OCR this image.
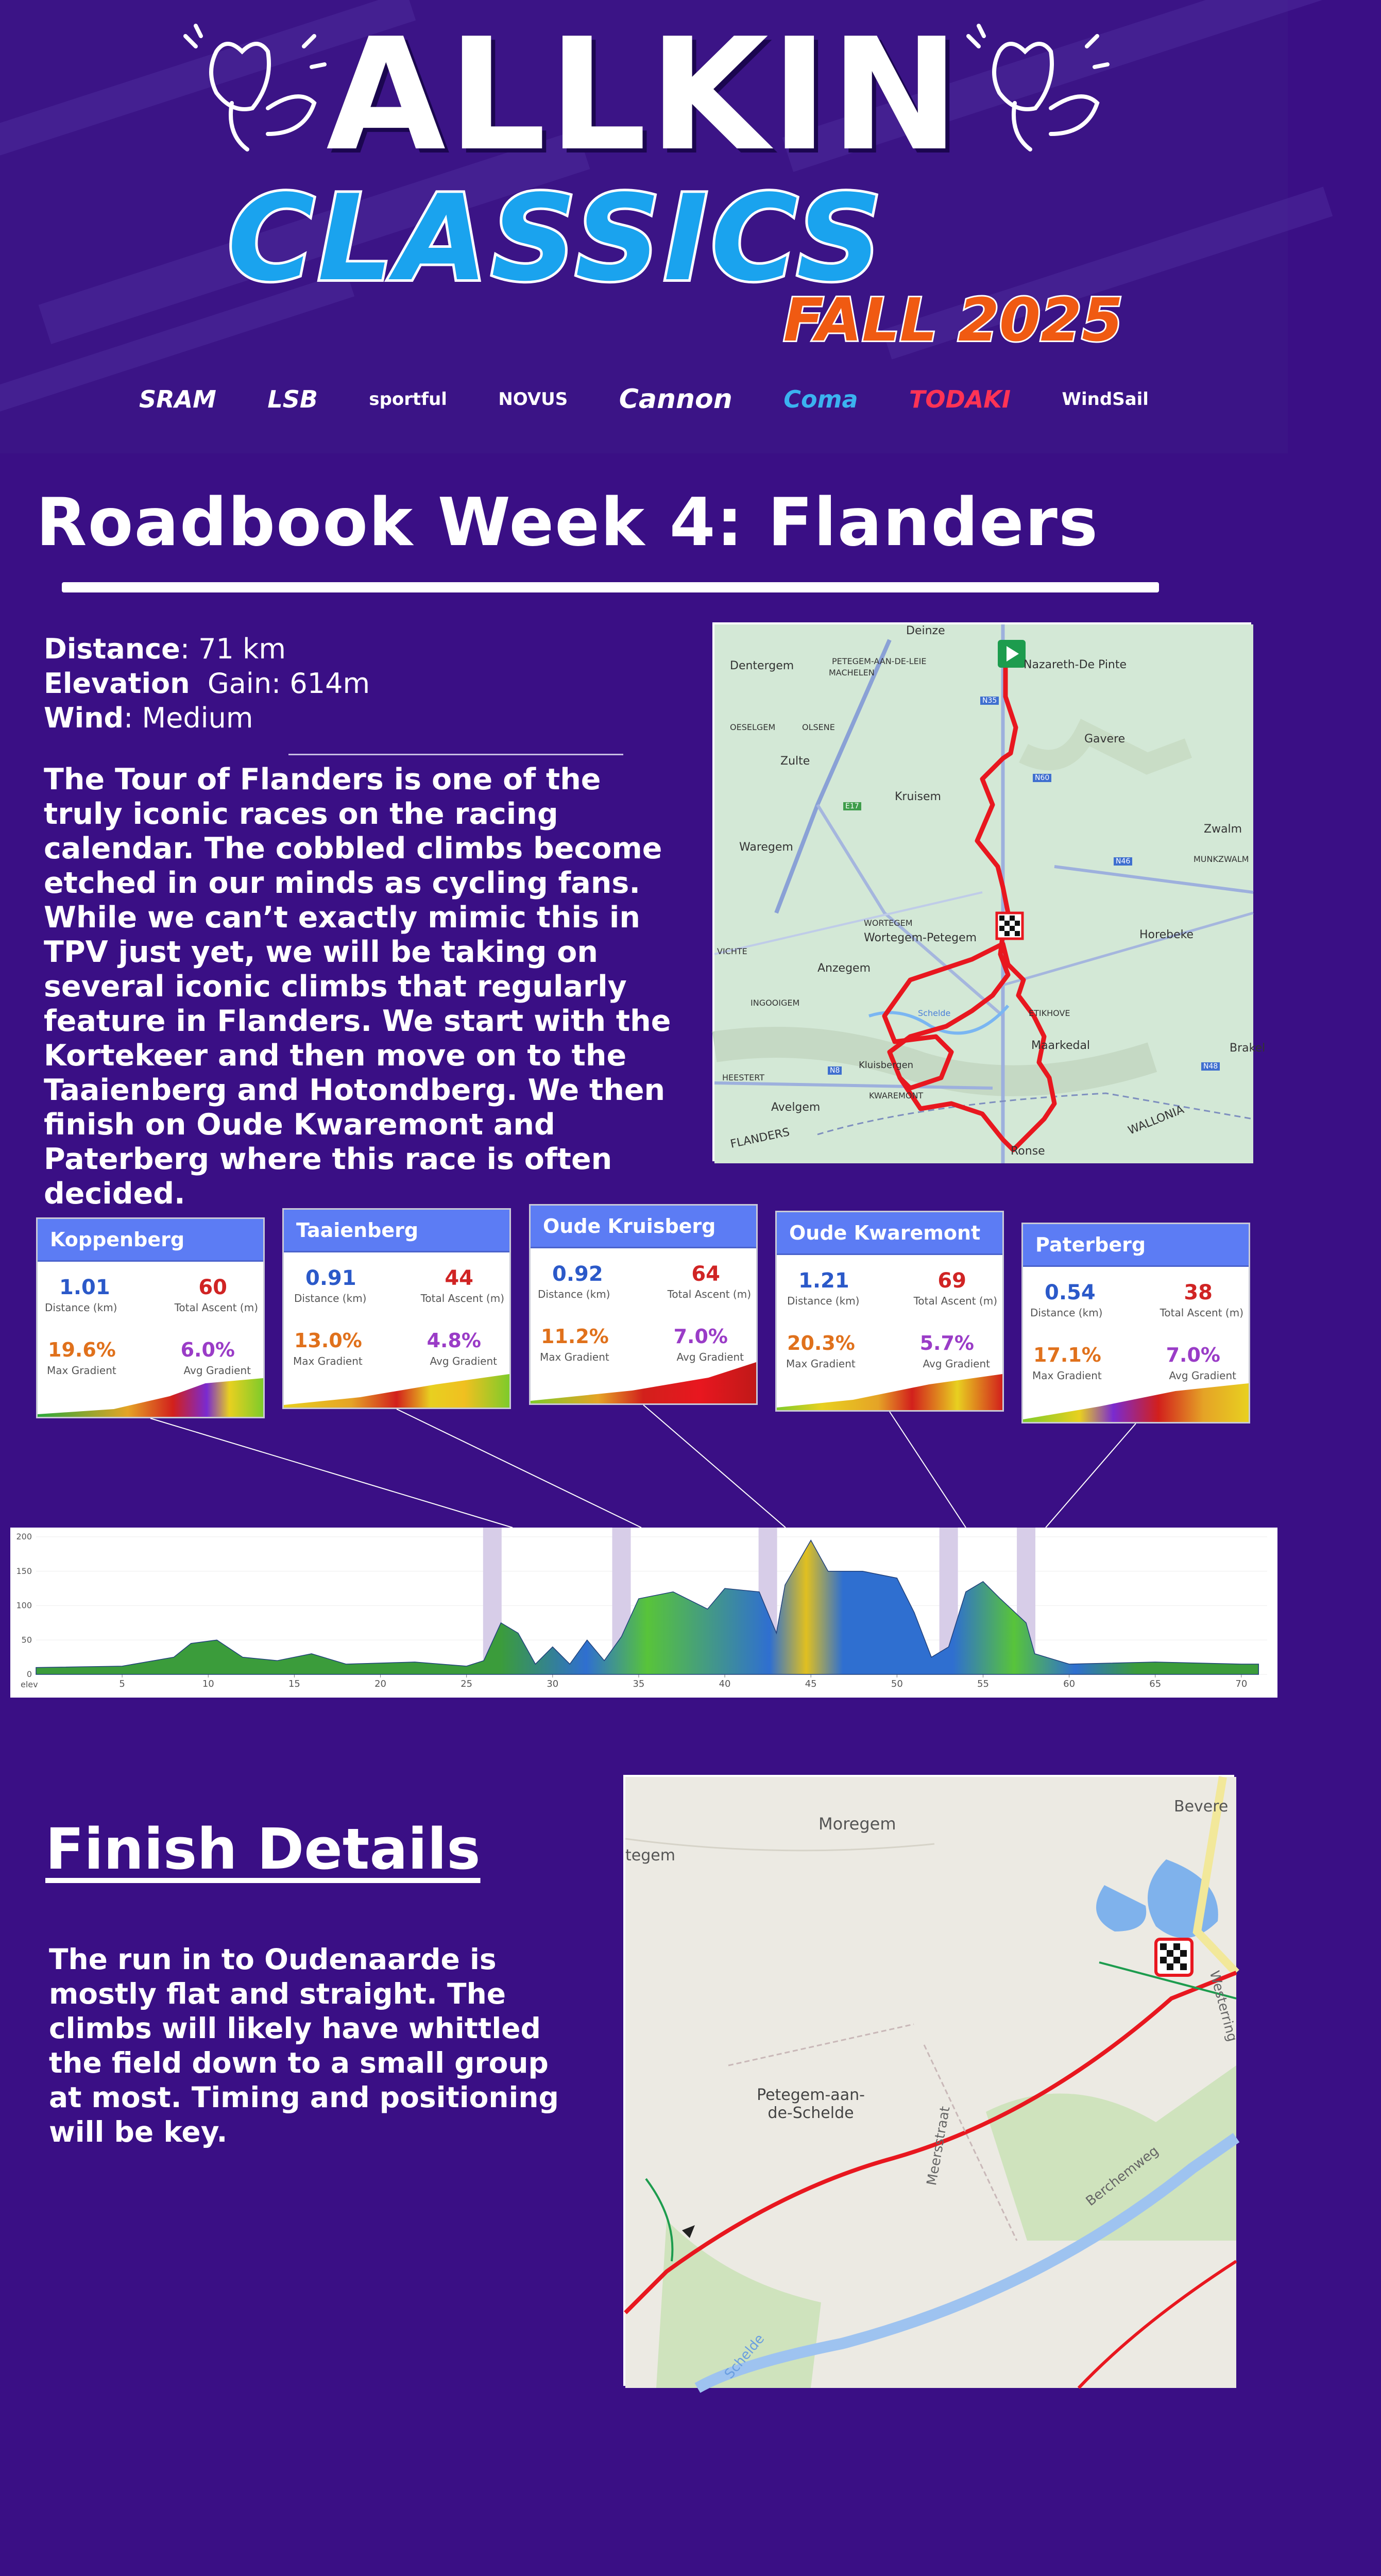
ALLKIN
CLASSICS
FALL 2025
SRAM LSB	sportful	NOVUS Cannon Coma TODAKI	WindSail
Roadbook Week 4: Flanders
Distance: 71 km
Elevation Gain: 614m
Wind: Medium
The Tour of Flanders is one of the truly iconic races on the racing calendar. The cobbled climbs become etched in our minds as cycling fans. While we can’t exactly mimic this in TPV just yet, we will be taking on several iconic climbs that regularly feature in Flanders. We start with the Kortekeer and then move on to the Taaienberg and Hotondberg. We then finish on Oude Kwaremont and Paterberg where this race is often decided.
Deinze
Dentergem	PETEGEM-AAN-DE-LEIE
MACHELEN
Nazareth-De Pinte
OESELGEM	OLSENE
Gavere
Zulte
Kruisem
Waregem
Zwalm
MUNKZWALM
WORTEGEM
Wortegem-Petegem	Horebeke
Anzegem
INGOOIGEM
ETIKHOVE
Maarkedal
Kluisbergen
KWAREMONT
Avelgem
FLANDERS
WALLONIA
Ronse
HEESTERT
VICHTE
Brakel
E17
N35
N60
N46
N8	N48
Schelde
Koppenberg
1.01
Distance (km)
60
Total Ascent (m)
19.6%
Max Gradient
6.0%
Avg Gradient
Taaienberg
0.91
Distance (km)
44
Total Ascent (m)
13.0%
Max Gradient
4.8%
Avg Gradient
Oude Kruisberg
0.92
Distance (km)
64
Total Ascent (m)
11.2%
Max Gradient
7.0%
Avg Gradient
Oude Kwaremont
1.21
Distance (km)
69
Total Ascent (m)
20.3%
Max Gradient
5.7%
Avg Gradient
Paterberg
0.54
Distance (km)
38
Total Ascent (m)
17.1%
Max Gradient
7.0%
Avg Gradient
200
150
100
50
0
5	10	15	20	25	30	35	40	45	50	55	60	65	70
elev
Finish Details
The run in to Oudenaarde is mostly flat and straight. The climbs will likely have whittled the field down to a small group at most. Timing and positioning will be key.
Moregem
Bevere
tegem
Petegem-aan-de-Schelde	Meersstraat	Berchemweg
Westerring
Schelde
